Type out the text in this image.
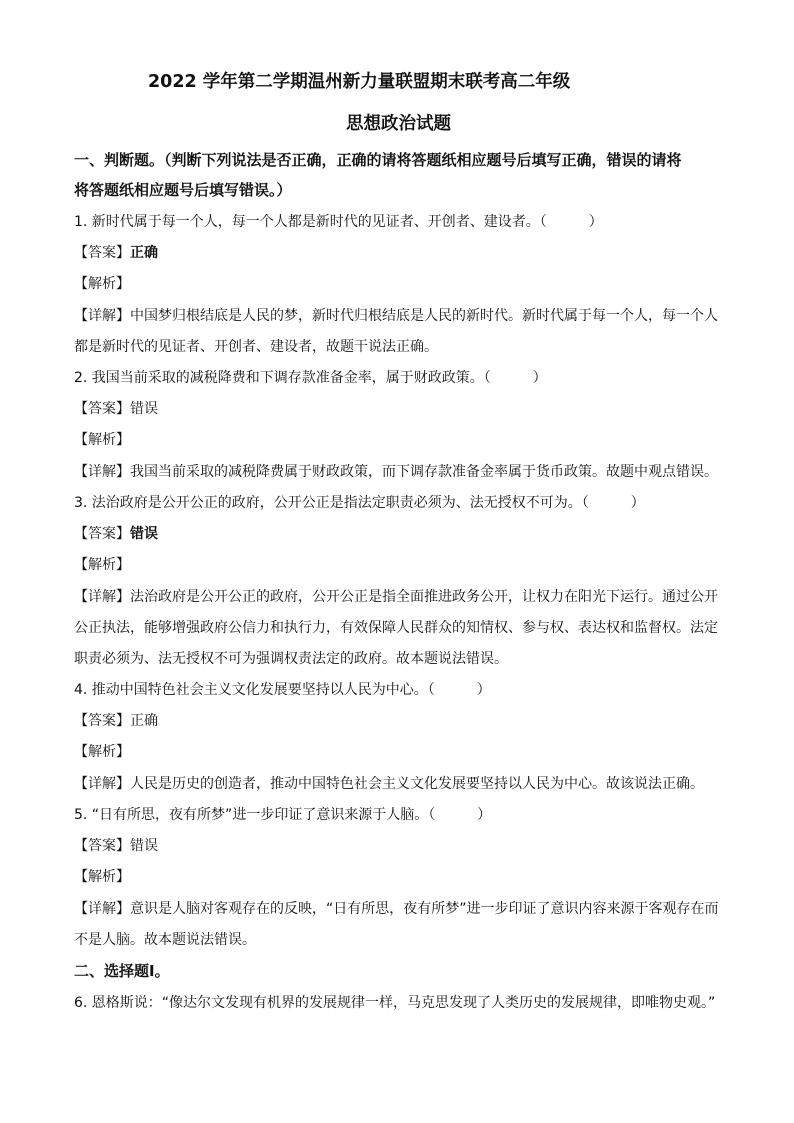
2022 学年第二学期温州新力量联盟期末联考高二年级
思想政治试题
一、判断题。（判断下列说法是否正确，正确的请将答题纸相应题号后填写正确，错误的请将
将答题纸相应题号后填写错误。）
1. 新时代属于每一个人，每一个人都是新时代的见证者、开创者、建设者。（　　　）
【答案】正确
【解析】
【详解】中国梦归根结底是人民的梦，新时代归根结底是人民的新时代。新时代属于每一个人，每一个人
都是新时代的见证者、开创者、建设者，故题干说法正确。
2. 我国当前采取的减税降费和下调存款准备金率，属于财政政策。（　　　）
【答案】错误
【解析】
【详解】我国当前采取的减税降费属于财政政策，而下调存款准备金率属于货币政策。故题中观点错误。
3. 法治政府是公开公正的政府，公开公正是指法定职责必须为、法无授权不可为。（　　　）
【答案】错误
【解析】
【详解】法治政府是公开公正的政府，公开公正是指全面推进政务公开，让权力在阳光下运行。通过公开
公正执法，能够增强政府公信力和执行力，有效保障人民群众的知情权、参与权、表达权和监督权。法定
职责必须为、法无授权不可为强调权责法定的政府。故本题说法错误。
4. 推动中国特色社会主义文化发展要坚持以人民为中心。（　　　）
【答案】正确
【解析】
【详解】人民是历史的创造者，推动中国特色社会主义文化发展要坚持以人民为中心。故该说法正确。
5. “日有所思，夜有所梦”进一步印证了意识来源于人脑。（　　　）
【答案】错误
【解析】
【详解】意识是人脑对客观存在的反映，“日有所思，夜有所梦”进一步印证了意识内容来源于客观存在而
不是人脑。故本题说法错误。
二、选择题Ⅰ。
6. 恩格斯说：“像达尔文发现有机界的发展规律一样，马克思发现了人类历史的发展规律，即唯物史观。”
